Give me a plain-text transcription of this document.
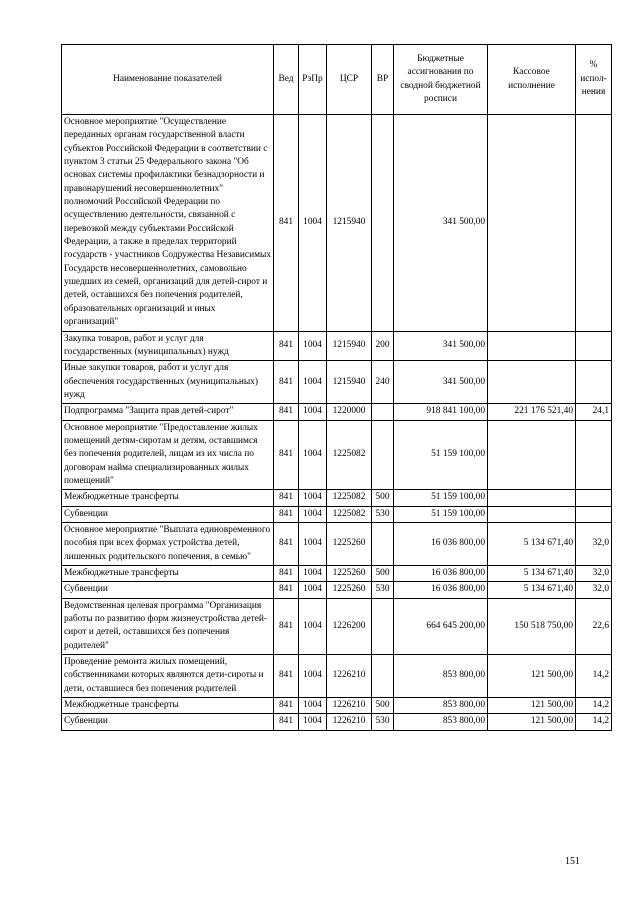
Наименование показателей	Вед	РзПр	ЦСР	ВР	Бюджетные ассигнования по сводной бюджетной росписи	Кассовое исполнение	% испол-нения
Основное мероприятие "Осуществление переданных органам государственной власти субъектов Российской Федерации в соответствии с пунктом 3 статьи 25 Федерального закона "Об основах системы профилактики безнадзорности и правонарушений несовершеннолетних" полномочий Российской Федерации по осуществлению деятельности, связанной с перевозкой между субъектами Российской Федерации, а также в пределах территорий государств - участников Содружества Независимых Государств несовершеннолетних, самовольно ушедших из семей, организаций для детей-сирот и детей, оставшихся без попечения родителей, образовательных организаций и иных организаций"	841	1004	1215940		341 500,00		
Закупка товаров, работ и услуг для государственных (муниципальных) нужд	841	1004	1215940	200	341 500,00		
Иные закупки товаров, работ и услуг для обеспечения государственных (муниципальных) нужд	841	1004	1215940	240	341 500,00		
Подпрограмма "Защита прав детей-сирот"	841	1004	1220000		918 841 100,00	221 176 521,40	24,1
Основное мероприятие "Предоставление жилых помещений детям-сиротам и детям, оставшимся без попечения родителей, лицам из их числа по договорам найма специализированных жилых помещений"	841	1004	1225082		51 159 100,00		
Межбюджетные трансферты	841	1004	1225082	500	51 159 100,00		
Субвенции	841	1004	1225082	530	51 159 100,00		
Основное мероприятие "Выплата единовременного пособия при всех формах устройства детей, лишенных родительского попечения, в семью"	841	1004	1225260		16 036 800,00	5 134 671,40	32,0
Межбюджетные трансферты	841	1004	1225260	500	16 036 800,00	5 134 671,40	32,0
Субвенции	841	1004	1225260	530	16 036 800,00	5 134 671,40	32,0
Ведомственная целевая программа "Организация работы по развитию форм жизнеустройства детей-сирот и детей, оставшихся без попечения родителей"	841	1004	1226200		664 645 200,00	150 518 750,00	22,6
Проведение ремонта жилых помещений, собственниками которых являются дети-сироты и дети, оставшиеся без попечения родителей	841	1004	1226210		853 800,00	121 500,00	14,2
Межбюджетные трансферты	841	1004	1226210	500	853 800,00	121 500,00	14,2
Субвенции	841	1004	1226210	530	853 800,00	121 500,00	14,2
151
